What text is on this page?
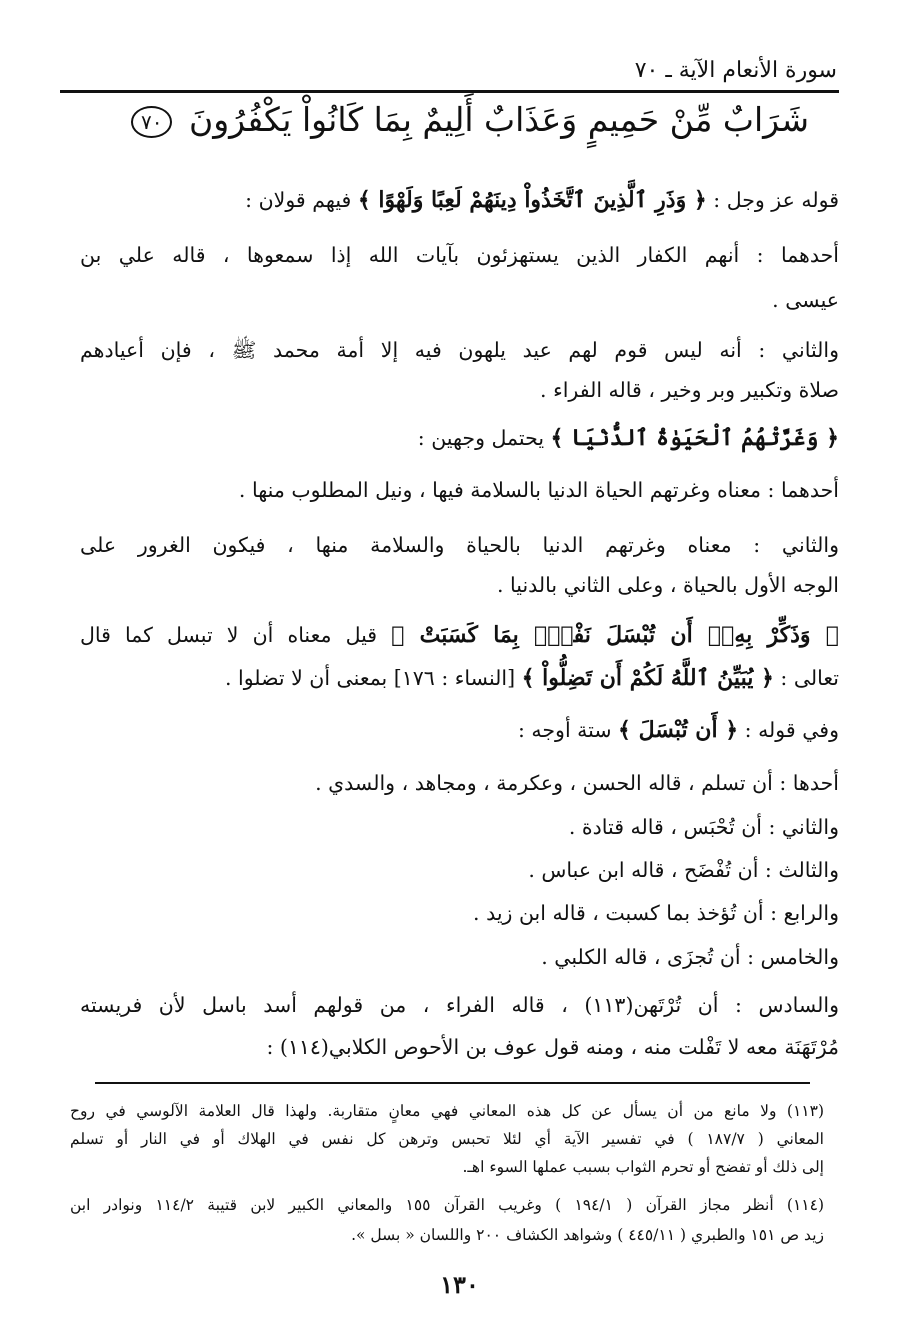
سورة الأنعام الآية ـ ٧٠
شَرَابٌ مِّنْ حَمِيمٍ وَعَذَابٌ أَلِيمٌ بِمَا كَانُواْ يَكْفُرُونَ ٧٠
قوله عز وجل : ﴿ وَذَرِ ٱلَّذِينَ ٱتَّخَذُواْ دِينَهُمْ لَعِبًا وَلَهْوًا ﴾ فيهم قولان :
أحدهما : أنهم الكفار الذين يستهزئون بآيات الله إذا سمعوها ، قاله علي بن
عيسى .
والثاني : أنه ليس قوم لهم عيد يلهون فيه إلا أمة محمد ﷺ ، فإن أعيادهم
صلاة وتكبير وبر وخير ، قاله الفراء .
﴿ وَغَرَّتْهُمُ ٱلْحَيَوٰةُ ٱلدُّنْيَا ﴾ يحتمل وجهين :
أحدهما : معناه وغرتهم الحياة الدنيا بالسلامة فيها ، ونيل المطلوب منها .
والثاني : معناه وغرتهم الدنيا بالحياة والسلامة منها ، فيكون الغرور على
الوجه الأول بالحياة ، وعلى الثاني بالدنيا .
﴿ وَذَكِّرْ بِهِۦٓ أَن تُبْسَلَ نَفْسٌۢ بِمَا كَسَبَتْ ﴾ قيل معناه أن لا تبسل كما قال
تعالى : ﴿ يُبَيِّنُ ٱللَّهُ لَكُمْ أَن تَضِلُّواْ ﴾ [النساء : ١٧٦] بمعنى أن لا تضلوا .
وفي قوله : ﴿ أَن تُبْسَلَ ﴾ ستة أوجه :
أحدها : أن تسلم ، قاله الحسن ، وعكرمة ، ومجاهد ، والسدي .
والثاني : أن تُحْبَس ، قاله قتادة .
والثالث : أن تُفْضَح ، قاله ابن عباس .
والرابع : أن تُؤخذ بما كسبت ، قاله ابن زيد .
والخامس : أن تُجزَى ، قاله الكلبي .
والسادس : أن تُرْتَهن(١١٣) ، قاله الفراء ، من قولهم أسد باسل لأن فريسته
مُرْتَهَنَة معه لا تَفْلت منه ، ومنه قول عوف بن الأحوص الكلابي(١١٤) :
(١١٣) ولا مانع من أن يسأل عن كل هذه المعاني فهي معانٍ متقاربة. ولهذا قال العلامة الآلوسي في روح
المعاني ( ١٨٧/٧ ) في تفسير الآية أي لئلا تحبس وترهن كل نفس في الهلاك أو في النار أو تسلم
إلى ذلك أو تفضح أو تحرم الثواب بسبب عملها السوء اهـ.
(١١٤) أنظر مجاز القرآن ( ١٩٤/١ ) وغريب القرآن ١٥٥ والمعاني الكبير لابن قتيبة ١١٤/٢ ونوادر ابن
زيد ص ١٥١ والطبري ( ٤٤٥/١١ ) وشواهد الكشاف ٢٠٠ واللسان « بسل ».
١٣٠
